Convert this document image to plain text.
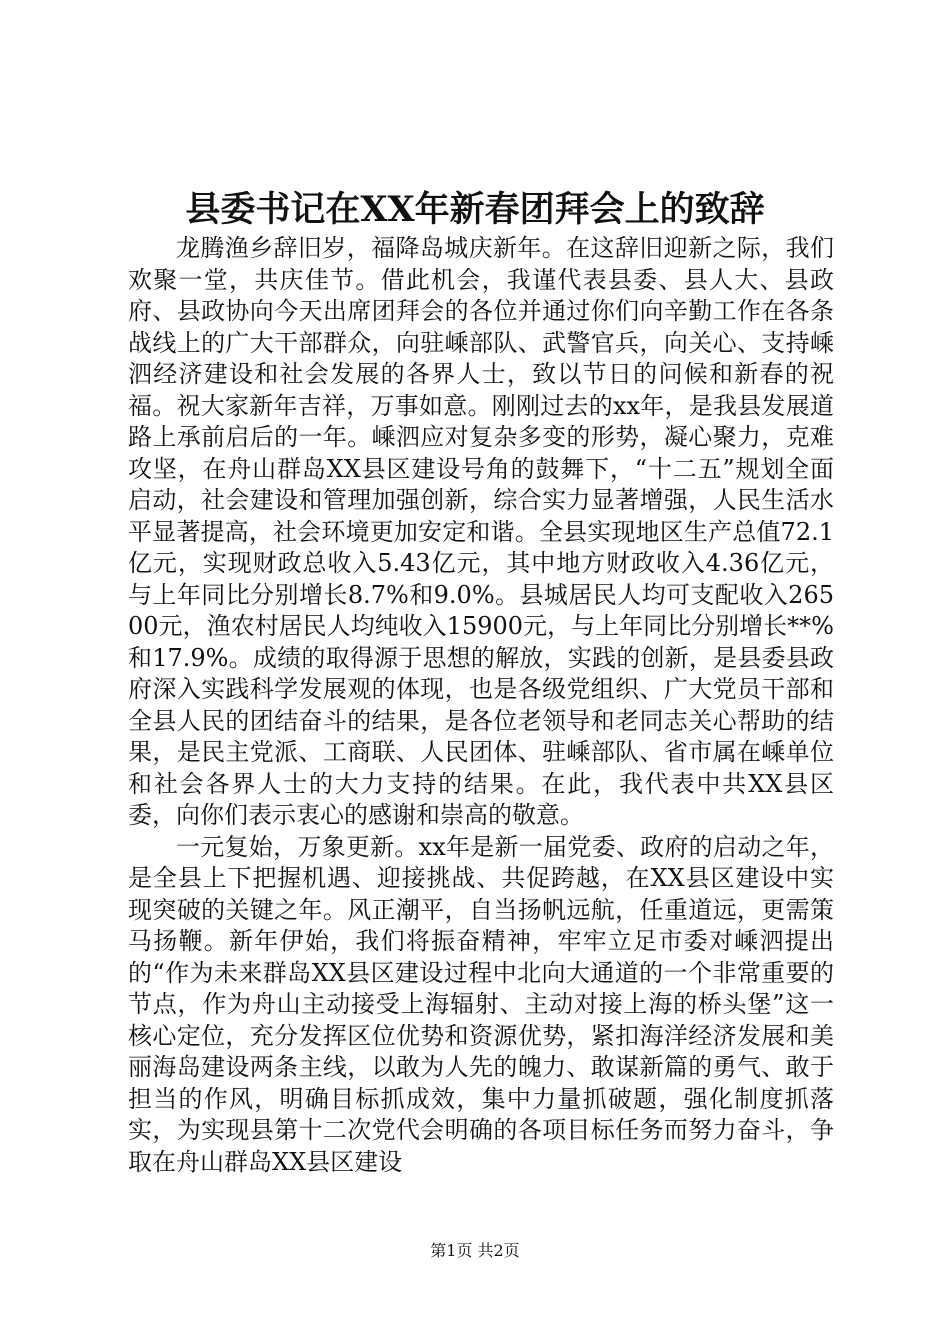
县委书记在XX年新春团拜会上的致辞

龙腾渔乡辞旧岁，福降岛城庆新年。在这辞旧迎新之际，我们欢聚一堂，共庆佳节。借此机会，我谨代表县委、县人大、县政府、县政协向今天出席团拜会的各位并通过你们向辛勤工作在各条战线上的广大干部群众，向驻嵊部队、武警官兵，向关心、支持嵊泗经济建设和社会发展的各界人士，致以节日的问候和新春的祝福。祝大家新年吉祥，万事如意。刚刚过去的xx年，是我县发展道路上承前启后的一年。嵊泗应对复杂多变的形势，凝心聚力，克难攻坚，在舟山群岛XX县区建设号角的鼓舞下，“十二五”规划全面启动，社会建设和管理加强创新，综合实力显著增强，人民生活水平显著提高，社会环境更加安定和谐。全县实现地区生产总值72.1亿元，实现财政总收入5.43亿元，其中地方财政收入4.36亿元，与上年同比分别增长8.7%和9.0%。县城居民人均可支配收入26500元，渔农村居民人均纯收入15900元，与上年同比分别增长**%和17.9%。成绩的取得源于思想的解放，实践的创新，是县委县政府深入实践科学发展观的体现，也是各级党组织、广大党员干部和全县人民的团结奋斗的结果，是各位老领导和老同志关心帮助的结果，是民主党派、工商联、人民团体、驻嵊部队、省市属在嵊单位和社会各界人士的大力支持的结果。在此，我代表中共XX县区委，向你们表示衷心的感谢和崇高的敬意。

一元复始，万象更新。xx年是新一届党委、政府的启动之年，是全县上下把握机遇、迎接挑战、共促跨越，在XX县区建设中实现突破的关键之年。风正潮平，自当扬帆远航，任重道远，更需策马扬鞭。新年伊始，我们将振奋精神，牢牢立足市委对嵊泗提出的“作为未来群岛XX县区建设过程中北向大通道的一个非常重要的节点，作为舟山主动接受上海辐射、主动对接上海的桥头堡”这一核心定位，充分发挥区位优势和资源优势，紧扣海洋经济发展和美丽海岛建设两条主线，以敢为人先的魄力、敢谋新篇的勇气、敢于担当的作风，明确目标抓成效，集中力量抓破题，强化制度抓落实，为实现县第十二次党代会明确的各项目标任务而努力奋斗，争取在舟山群岛XX县区建设

第1页 共2页
